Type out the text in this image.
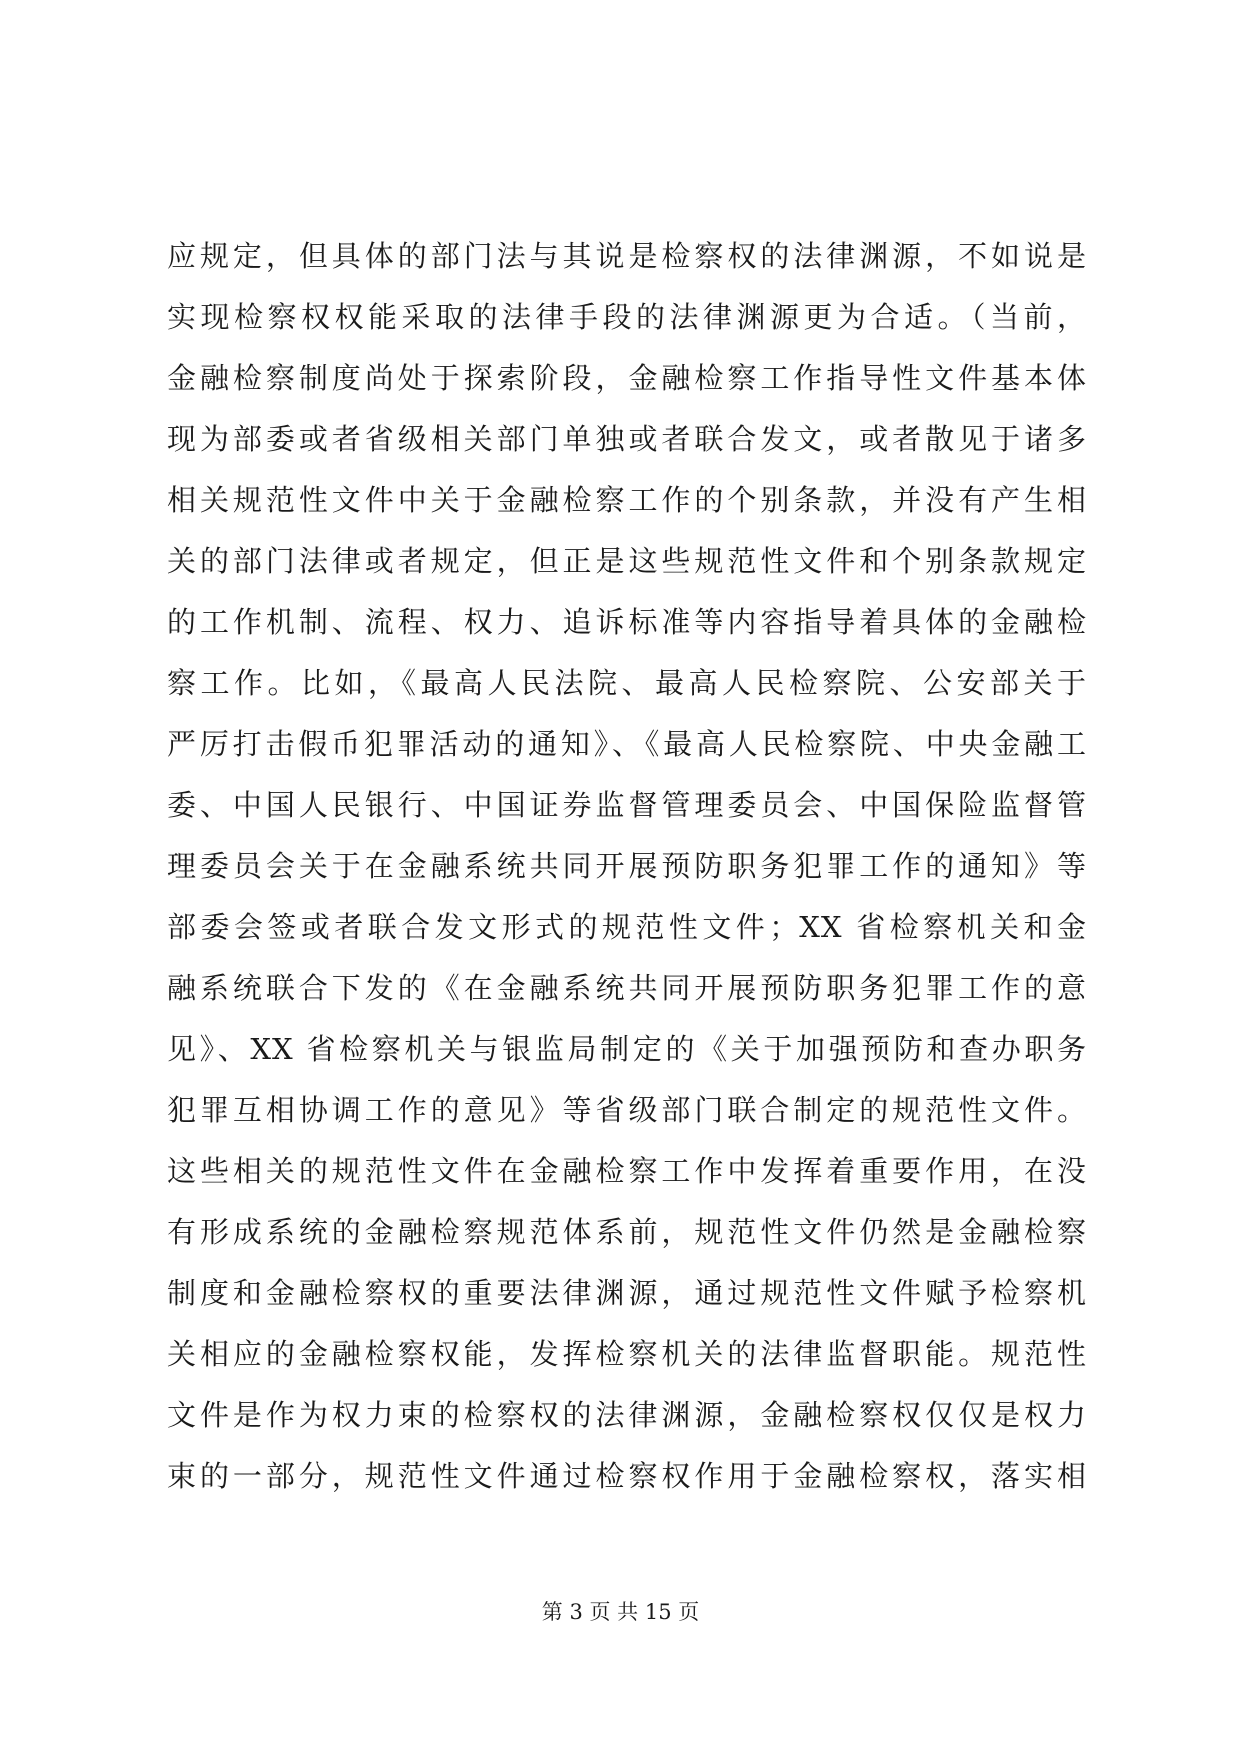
应规定，但具体的部门法与其说是检察权的法律渊源，不如说是
实现检察权权能采取的法律手段的法律渊源更为合适。（当前，
金融检察制度尚处于探索阶段，金融检察工作指导性文件基本体
现为部委或者省级相关部门单独或者联合发文，或者散见于诸多
相关规范性文件中关于金融检察工作的个别条款，并没有产生相
关的部门法律或者规定，但正是这些规范性文件和个别条款规定
的工作机制、流程、权力、追诉标准等内容指导着具体的金融检
察工作。比如，《最高人民法院、最高人民检察院、公安部关于
严厉打击假币犯罪活动的通知》、《最高人民检察院、中央金融工
委、中国人民银行、中国证券监督管理委员会、中国保险监督管
理委员会关于在金融系统共同开展预防职务犯罪工作的通知》等
部委会签或者联合发文形式的规范性文件；XX 省检察机关和金
融系统联合下发的《在金融系统共同开展预防职务犯罪工作的意
见》、XX 省检察机关与银监局制定的《关于加强预防和查办职务
犯罪互相协调工作的意见》等省级部门联合制定的规范性文件。
这些相关的规范性文件在金融检察工作中发挥着重要作用，在没
有形成系统的金融检察规范体系前，规范性文件仍然是金融检察
制度和金融检察权的重要法律渊源，通过规范性文件赋予检察机
关相应的金融检察权能，发挥检察机关的法律监督职能。规范性
文件是作为权力束的检察权的法律渊源，金融检察权仅仅是权力
束的一部分，规范性文件通过检察权作用于金融检察权，落实相
第 3 页 共 15 页
